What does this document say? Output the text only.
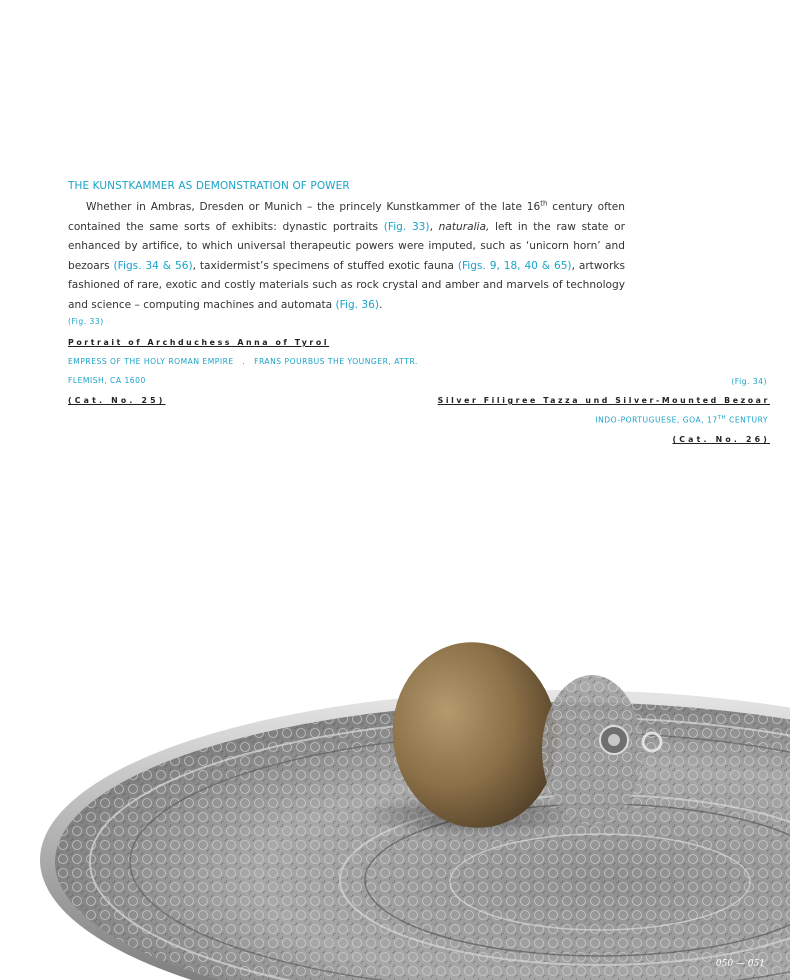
THE KUNSTKAMMER AS DEMONSTRATION OF POWER
Whether in Ambras, Dresden or Munich – the princely Kunstkammer of the late 16th century often contained the same sorts of exhibits: dynastic portraits (Fig. 33), naturalia, left in the raw state or enhanced by artifice, to which universal therapeutic powers were imputed, such as ‘unicorn horn’ and bezoars (Figs. 34 & 56), taxidermist’s specimens of stuffed exotic fauna (Figs. 9, 18, 40 & 65), artworks fashioned of rare, exotic and costly materials such as rock crystal and amber and marvels of technology and science – computing machines and automata (Fig. 36).
(Fig. 33)
Portrait of Archduchess Anna of Tyrol
EMPRESS OF THE HOLY ROMAN EMPIRE   .   FRANS POURBUS THE YOUNGER, ATTR.
FLEMISH, CA 1600
(Cat. No. 25)
(Fig. 34)
Silver Filigree Tazza und Silver-Mounted Bezoar
INDO-PORTUGUESE, GOA, 17TH CENTURY
(Cat. No. 26)
050 — 051
